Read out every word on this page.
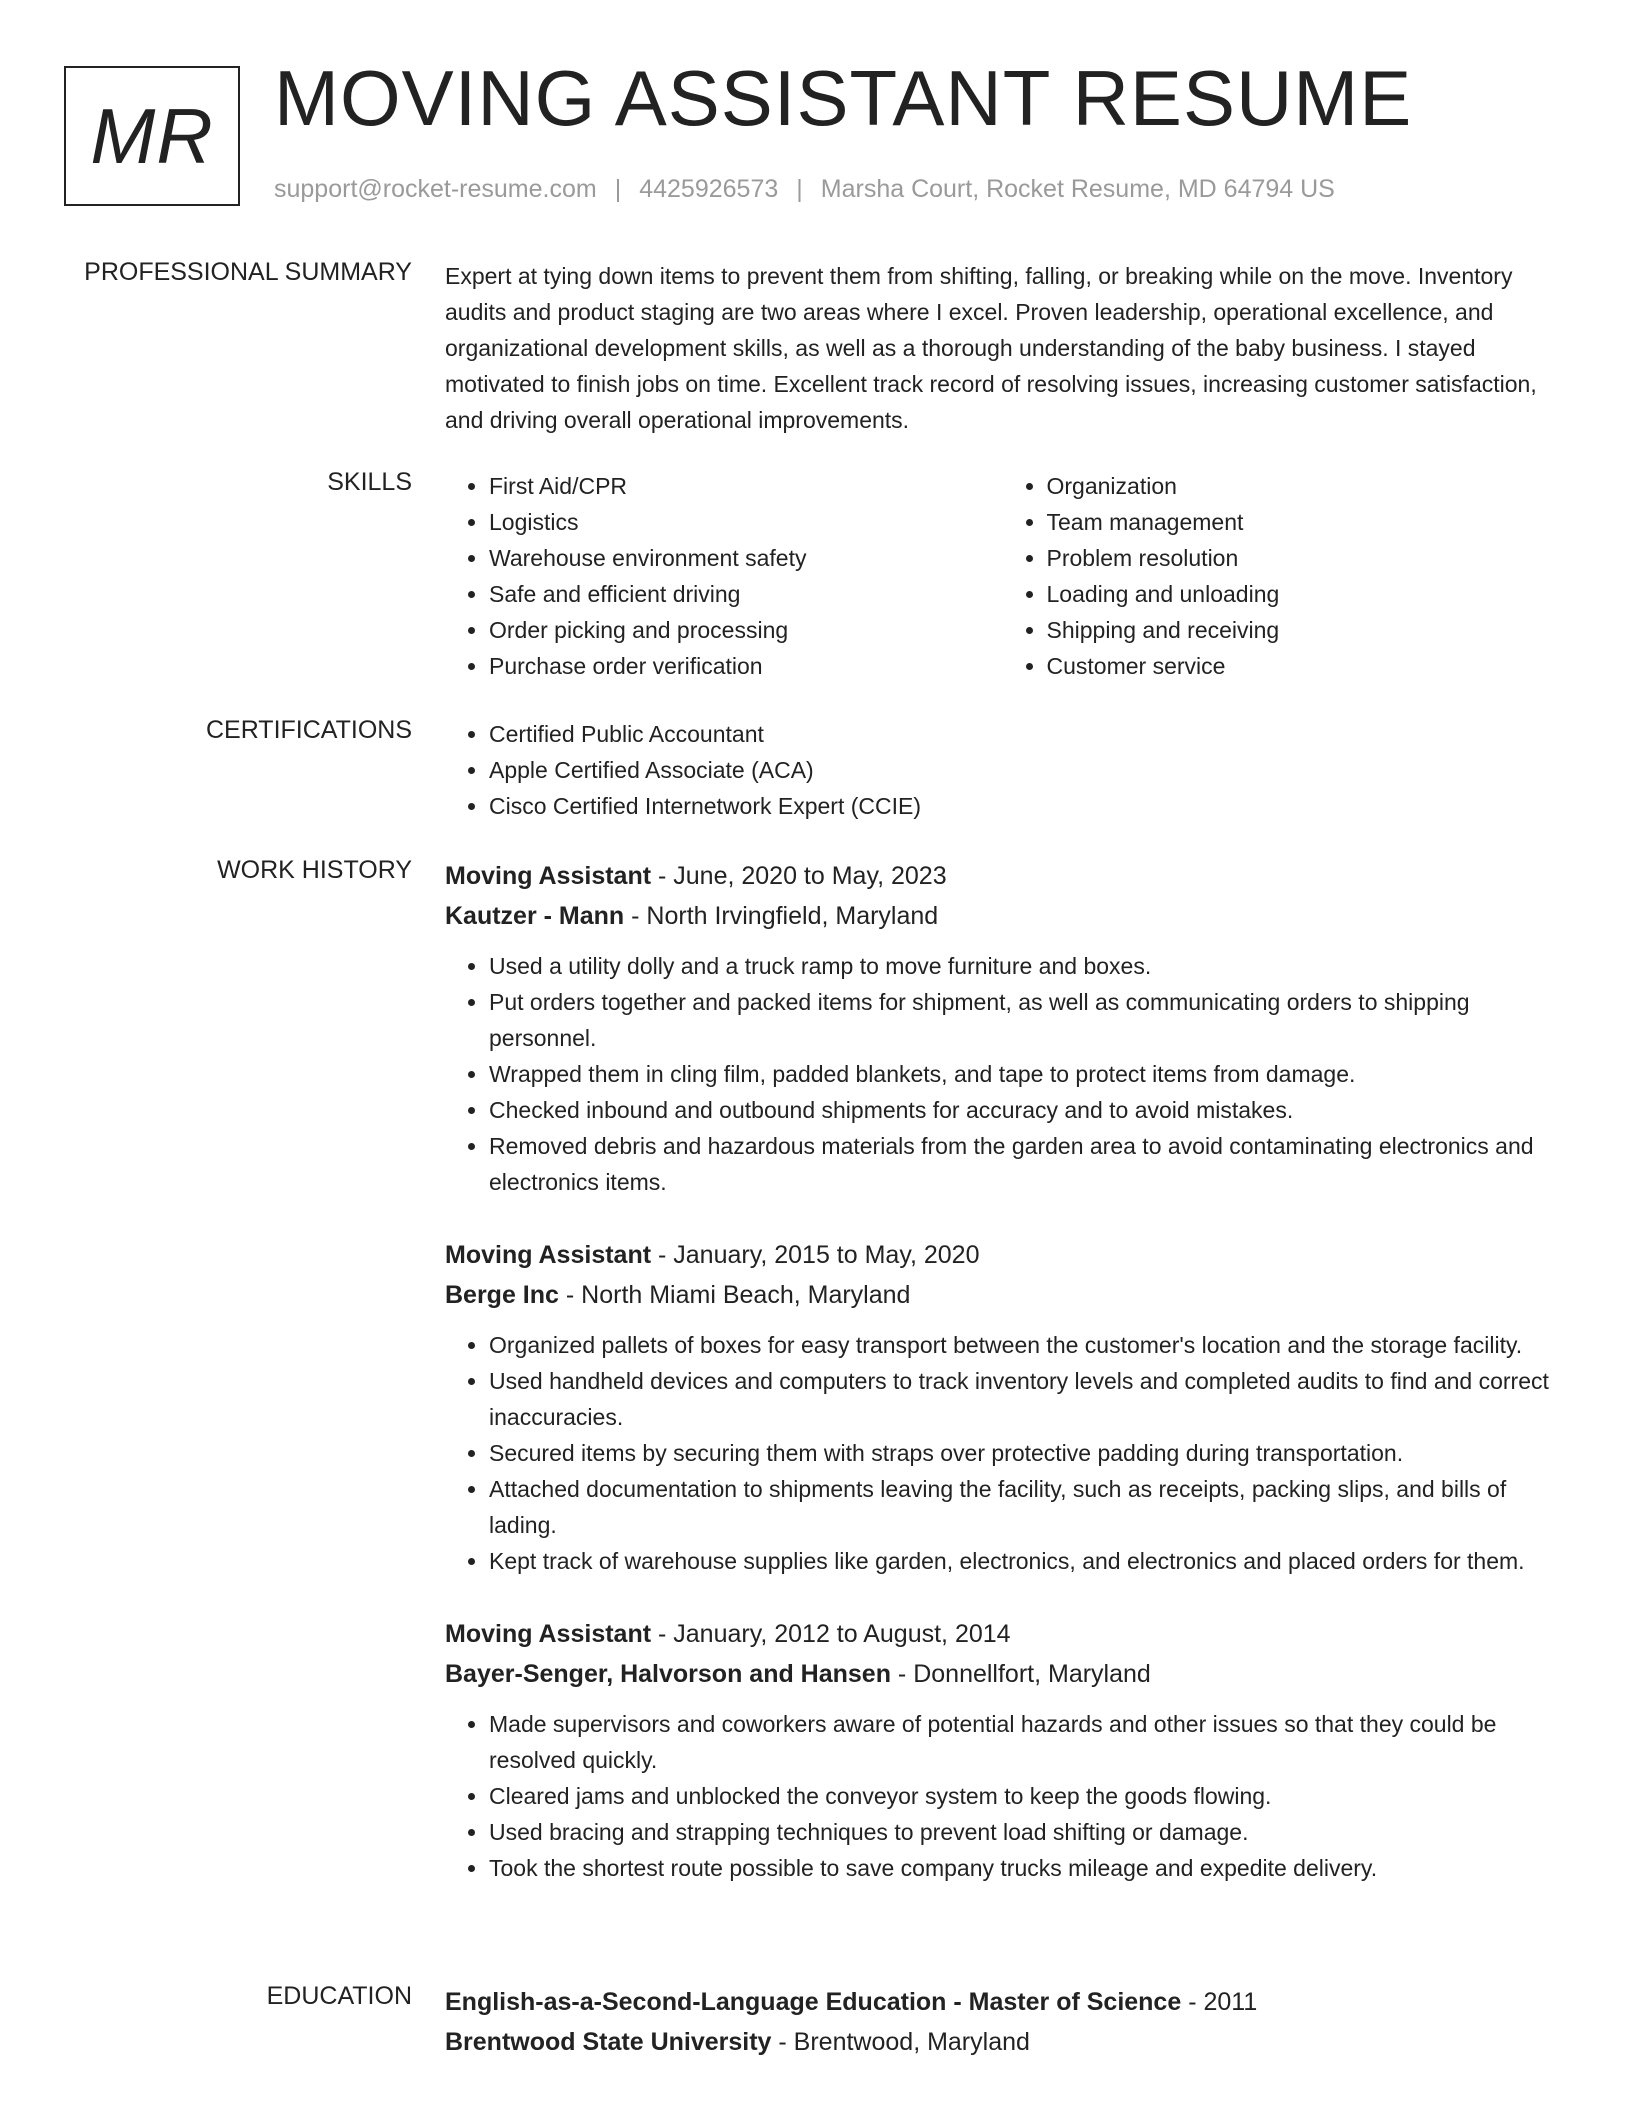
MR MOVING ASSISTANT RESUME
support@rocket-resume.com | 4425926573 | Marsha Court, Rocket Resume, MD 64794 US
PROFESSIONAL SUMMARY Expert at tying down items to prevent them from shifting, falling, or breaking while on the move. Inventory audits and product staging are two areas where I excel. Proven leadership, operational excellence, and organizational development skills, as well as a thorough understanding of the baby business. I stayed motivated to finish jobs on time. Excellent track record of resolving issues, increasing customer satisfaction, and driving overall operational improvements.

SKILLS	• First Aid/CPR
• Logistics
• Warehouse environment safety
• Safe and efficient driving
• Order picking and processing
• Purchase order verification
• Organization
• Team management
• Problem resolution
• Loading and unloading
• Shipping and receiving
• Customer service
CERTIFICATIONS	• Certified Public Accountant
• Apple Certified Associate (ACA)
• Cisco Certified Internetwork Expert (CCIE)
WORK HISTORY Moving Assistant - June, 2020 to May, 2023
Kautzer - Mann - North Irvingfield, Maryland
• Used a utility dolly and a truck ramp to move furniture and boxes.
• Put orders together and packed items for shipment, as well as communicating orders to shipping personnel.
• Wrapped them in cling film, padded blankets, and tape to protect items from damage.
• Checked inbound and outbound shipments for accuracy and to avoid mistakes.
• Removed debris and hazardous materials from the garden area to avoid contaminating electronics and electronics items.
Moving Assistant - January, 2015 to May, 2020
Berge Inc - North Miami Beach, Maryland
• Organized pallets of boxes for easy transport between the customer's location and the storage facility.
• Used handheld devices and computers to track inventory levels and completed audits to find and correct inaccuracies.
• Secured items by securing them with straps over protective padding during transportation.
• Attached documentation to shipments leaving the facility, such as receipts, packing slips, and bills of lading.
• Kept track of warehouse supplies like garden, electronics, and electronics and placed orders for them.
Moving Assistant - January, 2012 to August, 2014
Bayer-Senger, Halvorson and Hansen - Donnellfort, Maryland
• Made supervisors and coworkers aware of potential hazards and other issues so that they could be resolved quickly.
• Cleared jams and unblocked the conveyor system to keep the goods flowing.
• Used bracing and strapping techniques to prevent load shifting or damage.
• Took the shortest route possible to save company trucks mileage and expedite delivery.
EDUCATION English-as-a-Second-Language Education - Master of Science - 2011
Brentwood State University - Brentwood, Maryland
